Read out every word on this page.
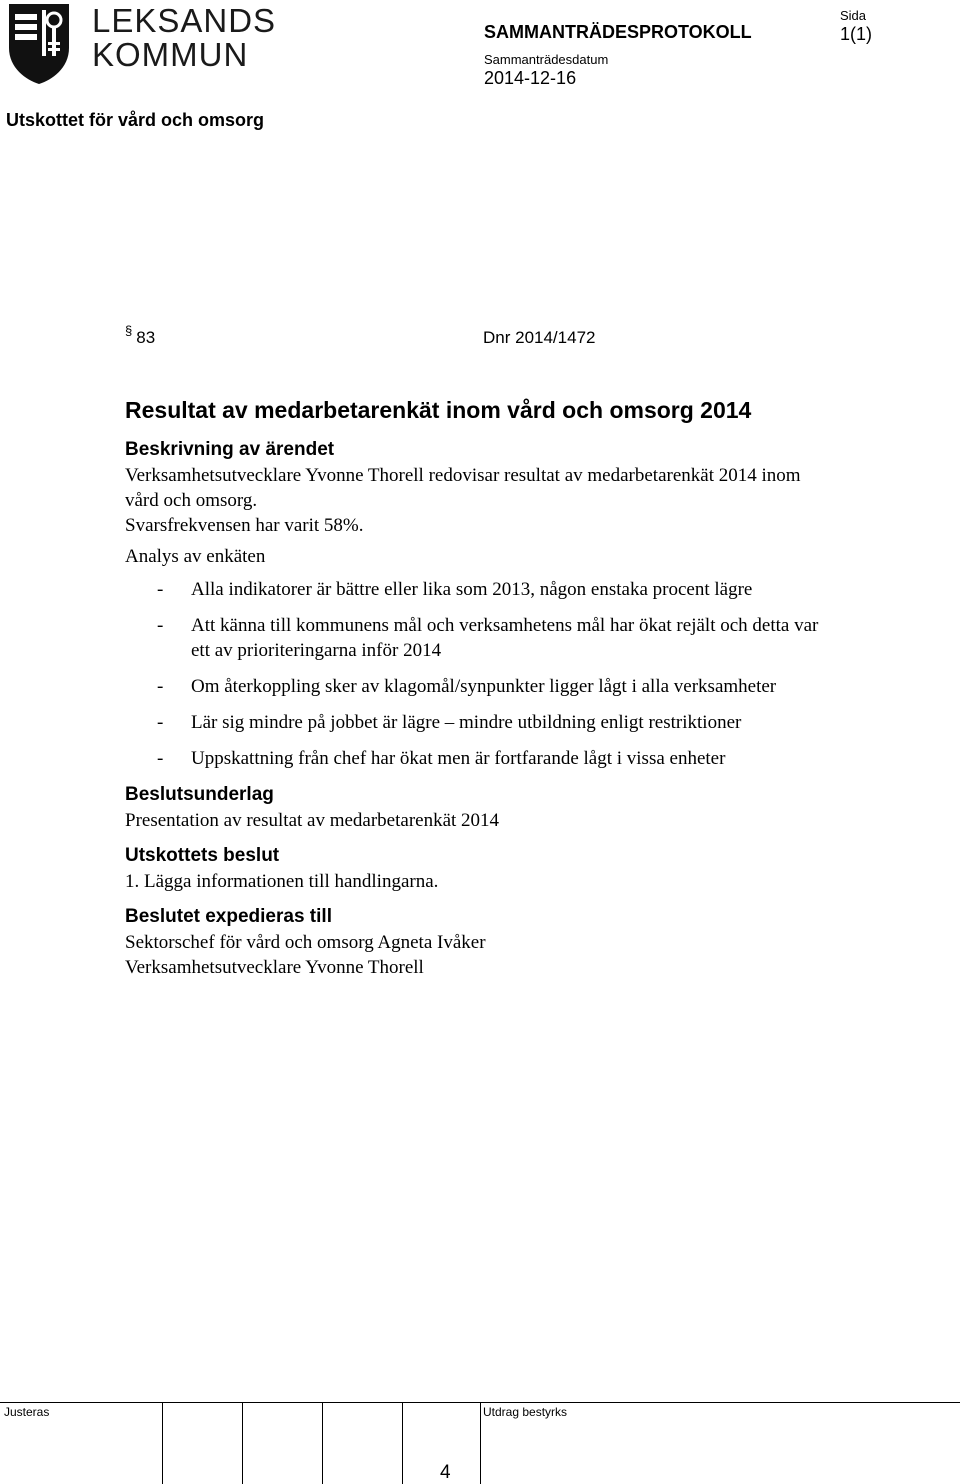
LEKSANDS
KOMMUN
SAMMANTRÄDESPROTOKOLL
Sammanträdesdatum
2014-12-16
Sida
1(1)
Utskottet för vård och omsorg
§ 83	Dnr 2014/1472
Resultat av medarbetarenkät inom vård och omsorg 2014
Beskrivning av ärendet

Verksamhetsutvecklare Yvonne Thorell redovisar resultat av medarbetarenkät 2014 inom vård och omsorg.

Svarsfrekvensen har varit 58%.

Analys av enkäten
- Alla indikatorer är bättre eller lika som 2013, någon enstaka procent lägre
- Att känna till kommunens mål och verksamhetens mål har ökat rejält och detta var ett av prioriteringarna inför 2014
- Om återkoppling sker av klagomål/synpunkter ligger lågt i alla verksamheter
- Lär sig mindre på jobbet är lägre – mindre utbildning enligt restriktioner
- Uppskattning från chef har ökat men är fortfarande lågt i vissa enheter
Beslutsunderlag

Presentation av resultat av medarbetarenkät 2014

Utskottets beslut

1. Lägga informationen till handlingarna.

Beslutet expedieras till

Sektorschef för vård och omsorg Agneta Ivåker

Verksamhetsutvecklare Yvonne Thorell

Justeras	Utdrag bestyrks
4
